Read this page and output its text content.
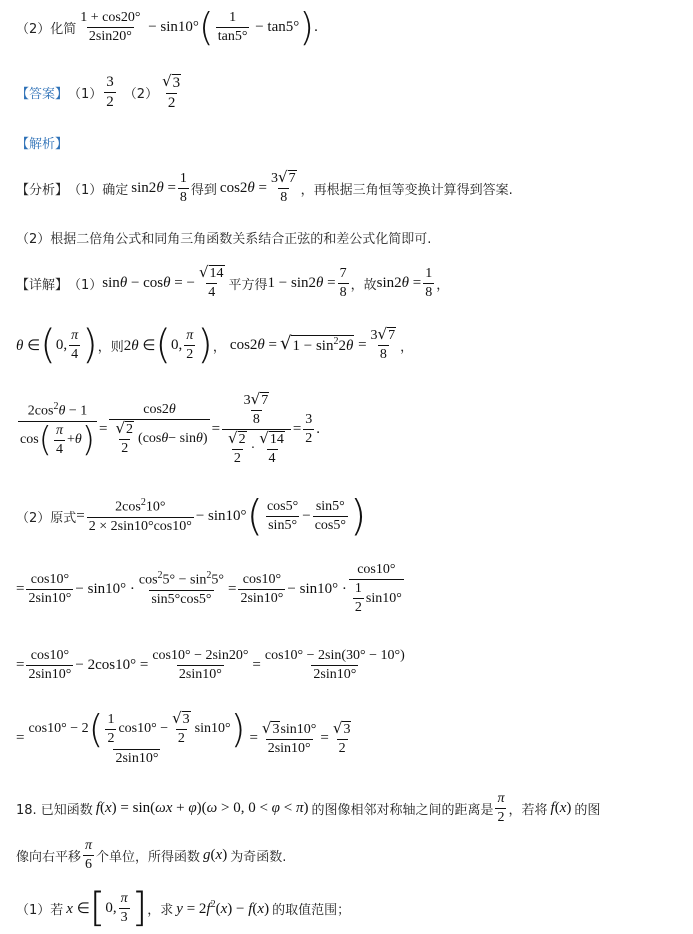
（2）化简 $\frac{1 + \cos 20^\circ}{2\sin 20^\circ} - \sin 10^\circ$ ( $\frac{1}{\tan 5^\circ} - \tan 5^\circ$ ) .
【答案】 $(1) \frac{3}{2} (2) \frac{√ 3}{2}$
【解析】
【分析】 （1）确定 $\sin 2\theta = \frac{1}{8}$ 得到 $\cos 2\theta = \frac{3 √ 7}{8}$ ，再根据三角恒等变换计算得到答案.
（2）根据二倍角公式和同角三角函数关系结合正弦的和差公式化简即可.
【详解】 （1） sinθ − cosθ = − $\frac{√ 14}{4}$ 平方得 $1 - \sin 2\theta = \frac{7}{8}$ ，故 $\sin 2\theta = \frac{1}{8}$ ，
θ ∈ ( 0, $\frac{\pi}{4}$ ) ，则 2θ ∈ ( 0, $\frac{\pi}{2}$ ) ， cos2θ = √ $1 - \sin^22\theta = \frac{3 √ 7}{8}$ ，
$\frac{2\cos^2\theta - 1}{\cos ( \frac{\pi}{4} + \theta )} = \frac{\cos 2\theta}{\frac{√ 2}{2} (\cos \theta - \sin \theta )} = \frac{\frac{3 √ 7}{8}}{\frac{√ 2}{2} \cdot \frac{√ 14}{4}} = \frac{3}{2}$ .
（2）原式 = $\frac{2\cos^210^\circ}{2 \times 2\sin 10^\circ\cos 10^\circ} - \sin 10^\circ$ ( $\frac{\cos 5^\circ}{\sin 5^\circ} - \frac{\sin 5^\circ}{\cos 5^\circ}$ )
= $\frac{\cos 10^\circ}{2\sin 10^\circ} - \sin 10^\circ \cdot \frac{\cos^25^\circ - \sin^25^\circ}{\sin 5^\circ\cos 5^\circ} = \frac{\cos 10^\circ}{2\sin 10^\circ} - \sin 10^\circ \cdot \frac{\cos 10^\circ}{\frac{1}{2} \sin 10^\circ}$
= $\frac{\cos 10^\circ}{2\sin 10^\circ} - 2\cos 10^\circ = \frac{\cos 10^\circ - 2\sin 20^\circ}{2\sin 10^\circ} = \frac{\cos 10^\circ - 2\sin(30^\circ - 10^\circ)}{2\sin 10^\circ}$
= $\frac{\cos 10^\circ - 2 ( \frac{1}{2} \cos 10^\circ - \frac{√ 3}{2} \sin 10^\circ )}{2\sin 10^\circ} = \frac{√ 3 \sin 10^\circ}{2\sin 10^\circ} = \frac{√ 3}{2}$
18. 已知函数 f(x) = sin(ωx + φ)(ω > 0, 0 < φ < π) 的图像相邻对称轴之间的距离是 $\frac{\pi}{2}$ ，若将 f(x) 的图
像向右平移 $\frac{\pi}{6}$ 个单位，所得函数 g(x) 为奇函数.
（1）若 x ∈ [ 0, $\frac{\pi}{3}$ ] ，求 $y = 2f^2(x) - f(x)$ 的取值范围；
